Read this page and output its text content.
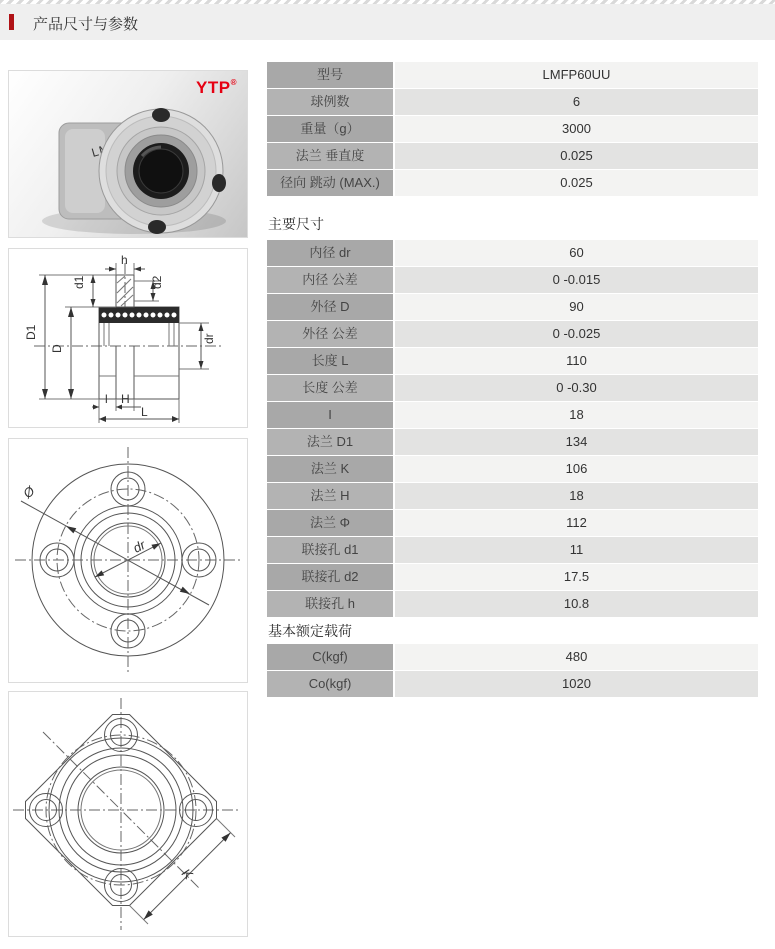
产品尺寸与参数
YTP®
h
d1	d2
D1
D
dr
l H
L
Ø
dr
K
型号	LMFP60UU
球例数	6
重量（g）	3000
法兰 垂直度	0.025
径向 跳动 (MAX.)	0.025
主要尺寸
内径 dr	60
内径 公差	0 -0.015
外径 D	90
外径 公差	0 -0.025
长度 L	110
长度 公差	0 -0.30
I	18
法兰 D1	134
法兰 K	106
法兰 H	18
法兰 Φ	112
联接孔 d1	11
联接孔 d2	17.5
联接孔 h	10.8
基本额定载荷
C(kgf)	480
Co(kgf)	1020
